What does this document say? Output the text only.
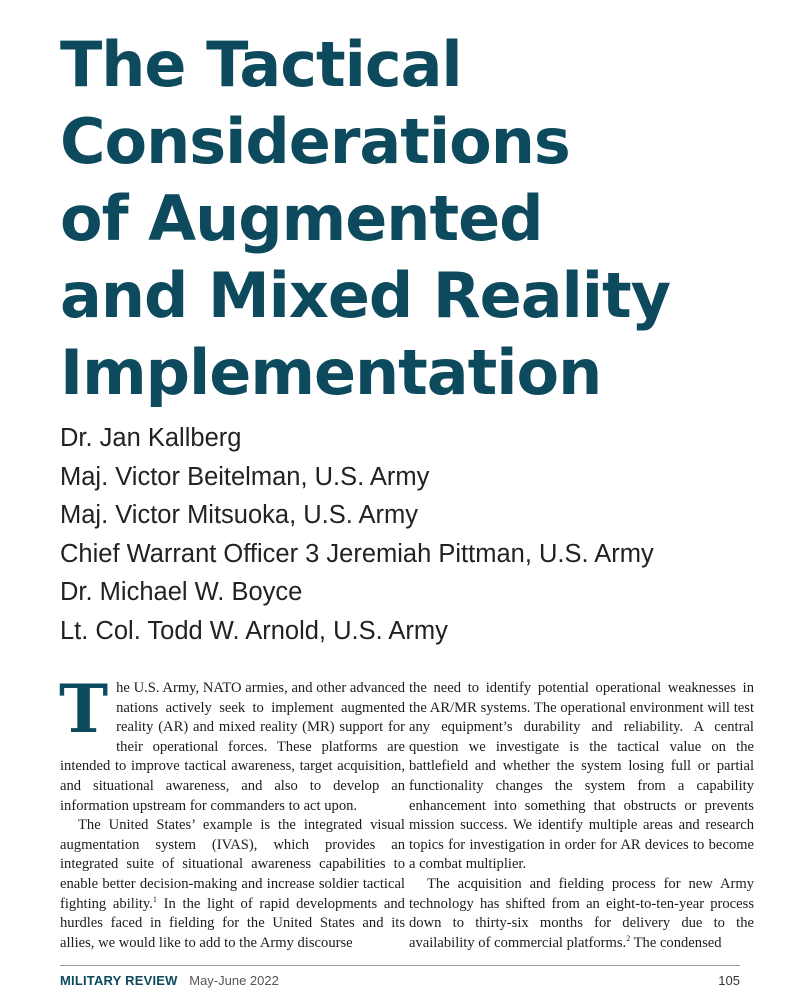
The Tactical
Considerations
of Augmented
and Mixed Reality
Implementation
Dr. Jan Kallberg
Maj. Victor Beitelman, U.S. Army
Maj. Victor Mitsuoka, U.S. Army
Chief Warrant Officer 3 Jeremiah Pittman, U.S. Army
Dr. Michael W. Boyce
Lt. Col. Todd W. Arnold, U.S. Army

The U.S. Army, NATO armies, and other advanced nations actively seek to implement augmented reality (AR) and mixed reality (MR) support for their operational forces. These platforms are intended to improve tactical awareness, target acquisition, and situational awareness, and also to develop an information upstream for commanders to act upon.

The United States’ example is the integrated visual augmentation system (IVAS), which provides an integrated suite of situational awareness capabilities to enable better decision-making and increase soldier tactical fighting ability.$^1$ In the light of rapid developments and hurdles faced in fielding for the United States and its allies, we would like to add to the Army discourse

the need to identify potential operational weaknesses in the AR/MR systems. The operational environment will test any equipment’s durability and reliability. A central question we investigate is the tactical value on the battlefield and whether the system losing full or partial functionality changes the system from a capability enhancement into something that obstructs or prevents mission success. We identify multiple areas and research topics for investigation in order for AR devices to become a combat multiplier.

The acquisition and fielding process for new Army technology has shifted from an eight-to-ten-year process down to thirty-six months for delivery due to the availability of commercial platforms.$^2$ The condensed

MILITARY REVIEW May-June 2022	105
